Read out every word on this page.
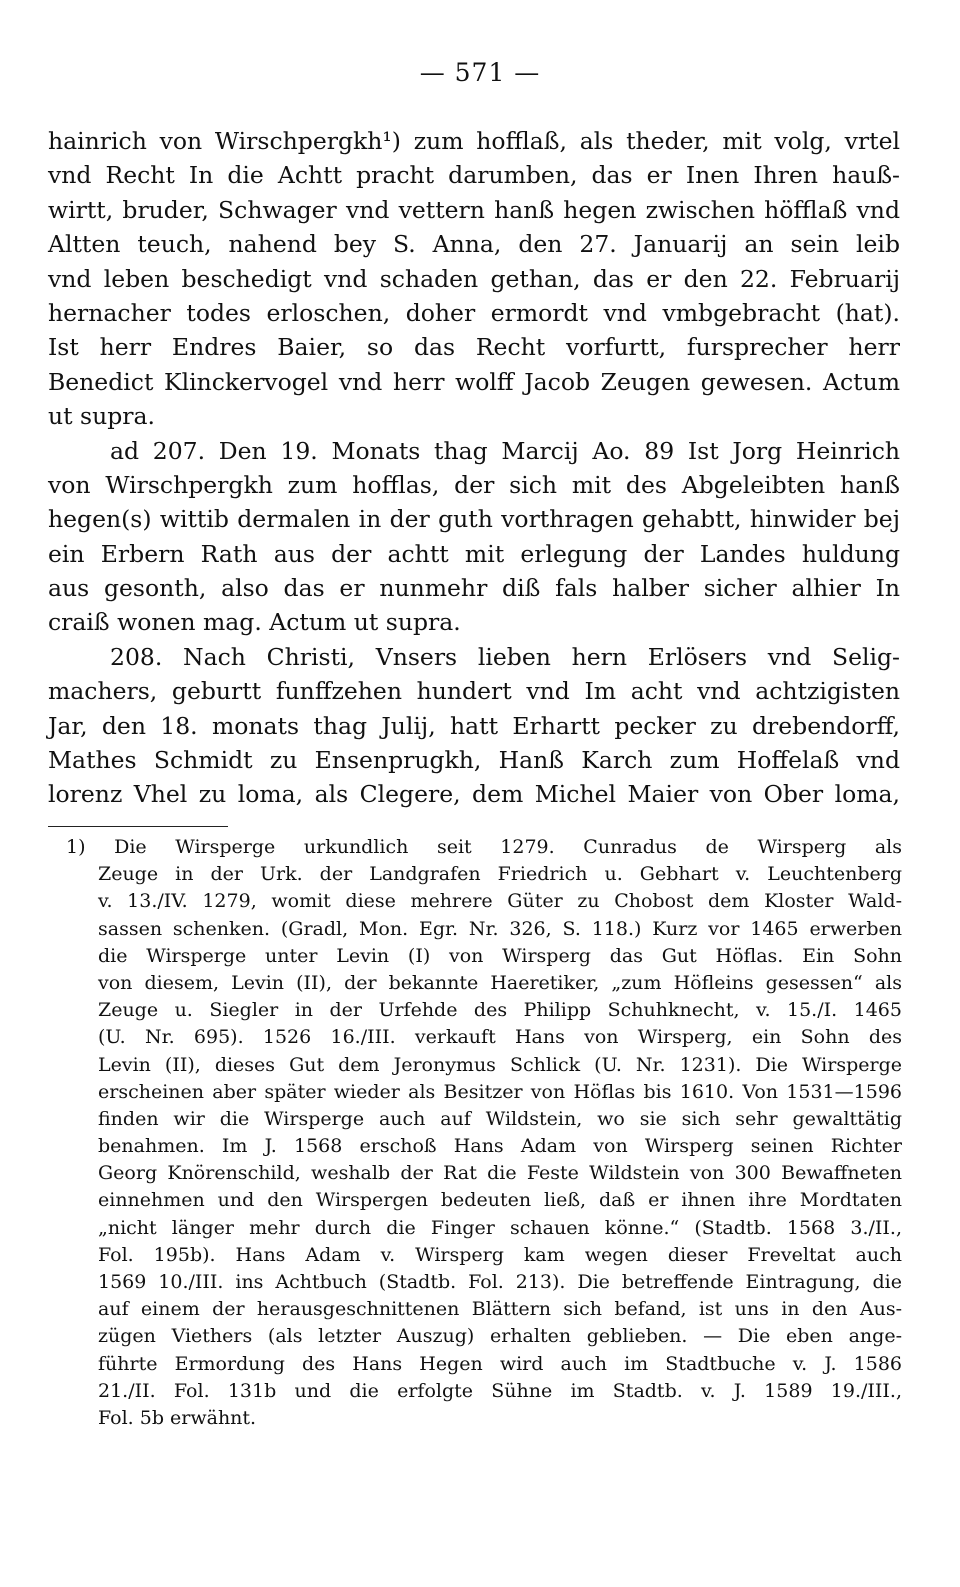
— 571 —
hainrich von Wirschpergkh¹) zum hofflaß, als theder, mit volg, vrtel
vnd Recht In die Achtt pracht darumben, das er Inen Ihren hauß-
wirtt, bruder, Schwager vnd vettern hanß hegen zwischen höfflaß vnd
Altten teuch, nahend bey S. Anna, den 27. Januarij an sein leib
vnd leben beschedigt vnd schaden gethan, das er den 22. Februarij
hernacher todes erloschen, doher ermordt vnd vmbgebracht (hat).
Ist herr Endres Baier, so das Recht vorfurtt, fursprecher herr
Benedict Klinckervogel vnd herr wolff Jacob Zeugen gewesen. Actum
ut supra.
ad 207. Den 19. Monats thag Marcij Ao. 89 Ist Jorg Heinrich
von Wirschpergkh zum hofflas, der sich mit des Abgeleibten hanß
hegen(s) wittib dermalen in der guth vorthragen gehabtt, hinwider bej
ein Erbern Rath aus der achtt mit erlegung der Landes huldung
aus gesonth, also das er nunmehr diß fals halber sicher alhier In
craiß wonen mag. Actum ut supra.
208. Nach Christi, Vnsers lieben hern Erlösers vnd Selig-
machers, geburtt funffzehen hundert vnd Im acht vnd achtzigisten
Jar, den 18. monats thag Julij, hatt Erhartt pecker zu drebendorff,
Mathes Schmidt zu Ensenprugkh, Hanß Karch zum Hoffelaß vnd
lorenz Vhel zu loma, als Clegere, dem Michel Maier von Ober loma,
1) Die Wirsperge urkundlich seit 1279. Cunradus de Wirsperg als
Zeuge in der Urk. der Landgrafen Friedrich u. Gebhart v. Leuchtenberg
v. 13./IV. 1279, womit diese mehrere Güter zu Chobost dem Kloster Wald-
sassen schenken. (Gradl, Mon. Egr. Nr. 326, S. 118.) Kurz vor 1465 erwerben
die Wirsperge unter Levin (I) von Wirsperg das Gut Höflas. Ein Sohn
von diesem, Levin (II), der bekannte Haeretiker, „zum Höfleins gesessen“ als
Zeuge u. Siegler in der Urfehde des Philipp Schuhknecht, v. 15./I. 1465
(U. Nr. 695). 1526 16./III. verkauft Hans von Wirsperg, ein Sohn des
Levin (II), dieses Gut dem Jeronymus Schlick (U. Nr. 1231). Die Wirsperge
erscheinen aber später wieder als Besitzer von Höflas bis 1610. Von 1531—1596
finden wir die Wirsperge auch auf Wildstein, wo sie sich sehr gewalttätig
benahmen. Im J. 1568 erschoß Hans Adam von Wirsperg seinen Richter
Georg Knörenschild, weshalb der Rat die Feste Wildstein von 300 Bewaffneten
einnehmen und den Wirspergen bedeuten ließ, daß er ihnen ihre Mordtaten
„nicht länger mehr durch die Finger schauen könne.“ (Stadtb. 1568 3./II.,
Fol. 195b). Hans Adam v. Wirsperg kam wegen dieser Freveltat auch
1569 10./III. ins Achtbuch (Stadtb. Fol. 213). Die betreffende Eintragung, die
auf einem der herausgeschnittenen Blättern sich befand, ist uns in den Aus-
zügen Viethers (als letzter Auszug) erhalten geblieben. — Die eben ange-
führte Ermordung des Hans Hegen wird auch im Stadtbuche v. J. 1586
21./II. Fol. 131b und die erfolgte Sühne im Stadtb. v. J. 1589 19./III.,
Fol. 5b erwähnt.
